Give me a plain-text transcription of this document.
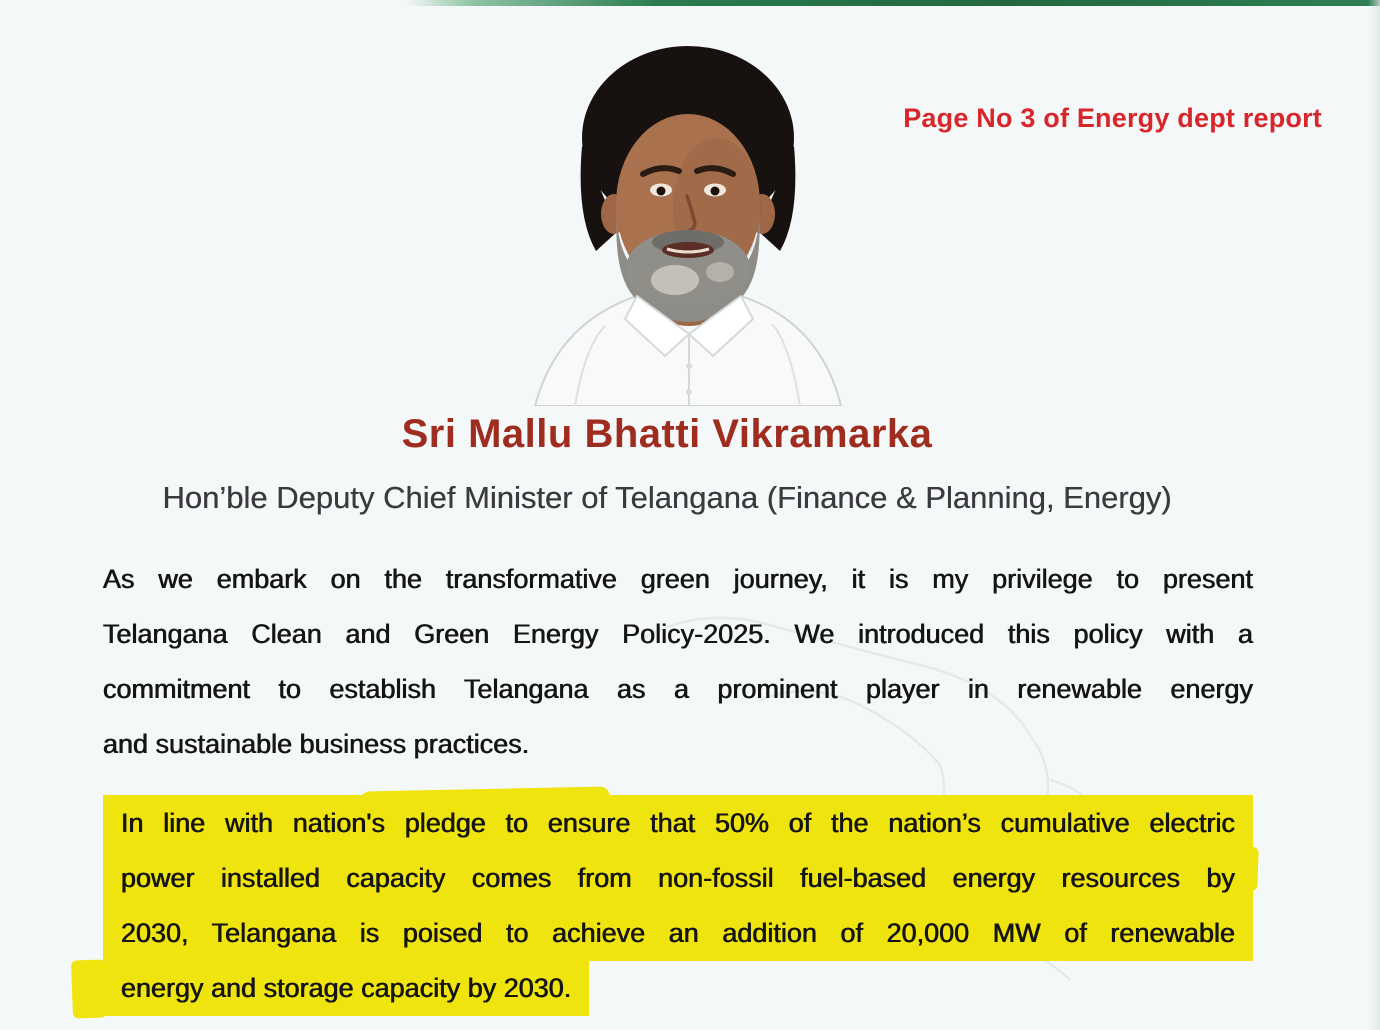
Page No 3 of Energy dept report
Sri Mallu Bhatti Vikramarka
Hon’ble Deputy Chief Minister of Telangana (Finance & Planning, Energy)
As we embark on the transformative green journey, it is my privilege to present
Telangana Clean and Green Energy Policy-2025. We introduced this policy with a
commitment to establish Telangana as a prominent player in renewable energy
and sustainable business practices.
In line with nation's pledge to ensure that 50% of the nation’s cumulative electric
power installed capacity comes from non-fossil fuel-based energy resources by
2030, Telangana is poised to achieve an addition of 20,000 MW of renewable
energy and storage capacity by 2030.
